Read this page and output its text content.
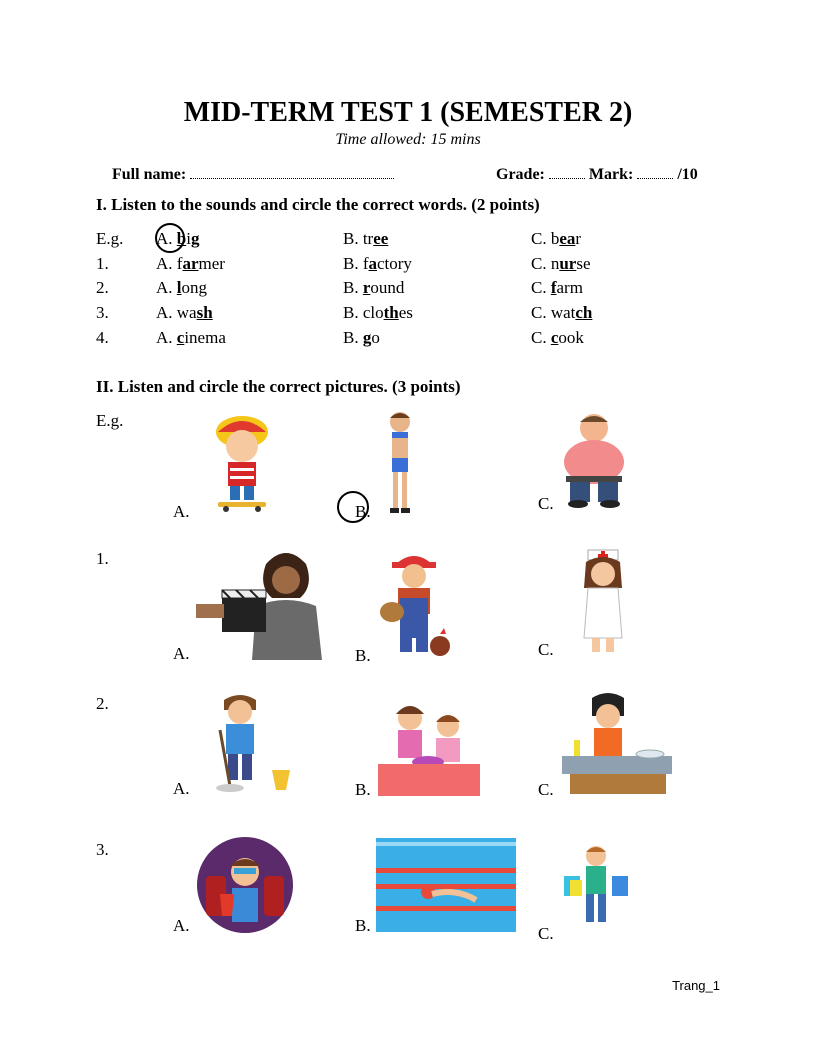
MID-TERM TEST 1 (SEMESTER 2)
Time allowed: 15 mins
Full name:	Grade:	Mark:	/10
I. Listen to the sounds and circle the correct words. (2 points)
E.g. A. big	B. tree	C. bear
1.	A. farmer	B. factory	C. nurse
2.	A. long	B. round	C. farm
3.	A. wash	B. clothes	C. watch
4.	A. cinema	B. go	C. cook
II. Listen and circle the correct pictures. (3 points)
E.g.
1.
2.
3.
A.	B.	C.
A.	B.	C.
A.	B.	C.
A.	B.	C.
Trang_1
